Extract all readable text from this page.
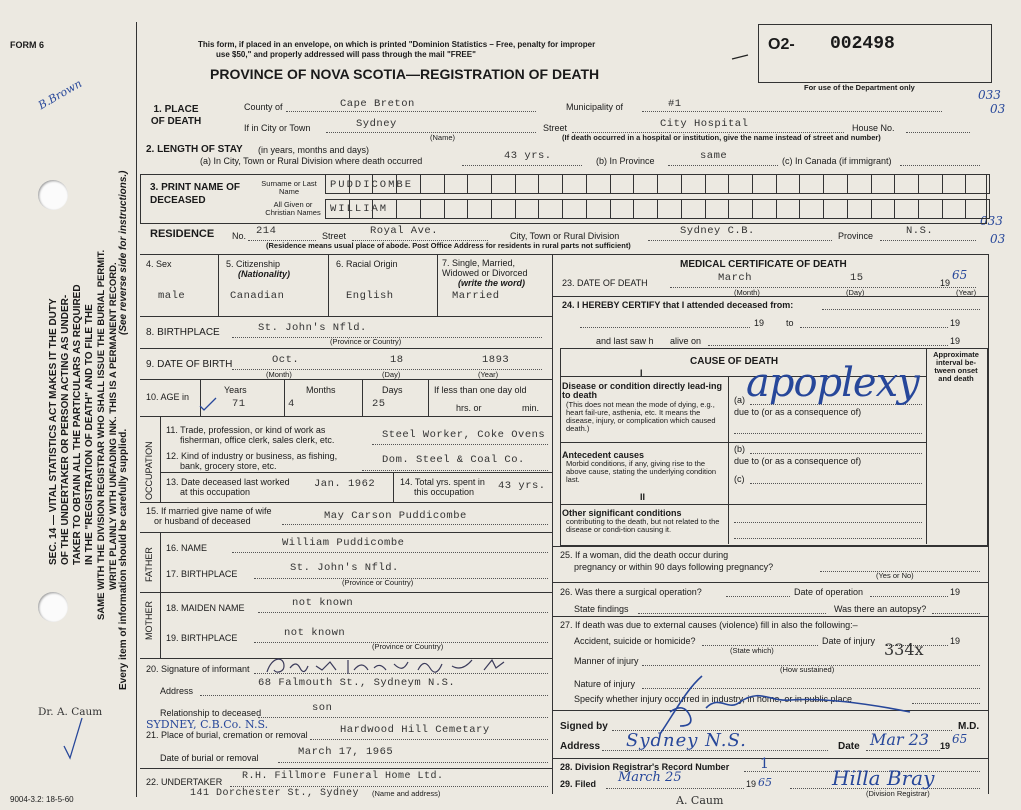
FORM 6	This form, if placed in an envelope, on which is printed "Dominion Statistics – Free, penalty for improper
use $50," and properly addressed will pass through the mail "FREE"
PROVINCE OF NOVA SCOTIA—REGISTRATION OF DEATH
O2- 002498
For use of the Department only
B.Brown	033
03
033
03
SEC. 14 — VITAL STATISTICS ACT MAKES IT THE DUTY OF THE UNDERTAKER OR PERSON ACTING AS UNDER- TAKER TO OBTAIN ALL THE PARTICULARS AS REQUIRED IN THE "REGISTRATION OF DEATH" AND TO FILE THE SAME WITH THE DIVISION REGISTRAR WHO SHALL ISSUE THE BURIAL PERMIT. WRITE PLAINLY WITH UNFADING INK. THIS IS A PERMANENT RECORD. Every item of information should be carefully supplied.
(See reverse side for instructions.)
1. PLACE OF DEATH
County of	Cape Breton	Municipality of	#1
If in City or Town	Sydney
(Name)
Street	City Hospital	House No.
(If death occurred in a hospital or institution, give the name instead of street and number)
2. LENGTH OF STAY (in years, months and days)
(a) In City, Town or Rural Division where death occurred	43 yrs.	(b) In Province	same	(c) In Canada (if immigrant)
3. PRINT NAME OF DECEASED
Surname or Last Name
PUDDICOMBE
All Given or Christian Names WILLIAM
RESIDENCE No. 214	Street Royal Ave.	City, Town or Rural Division	Sydney C.B.	Province	N.S.
(Residence means usual place of abode. Post Office Address for residents in rural parts not sufficient)
4. Sex
male
5. Citizenship
(Nationality)
Canadian
6. Racial Origin
English
7. Single, Married, Widowed or Divorced
(write the word)
Married
8. BIRTHPLACE	St. John's Nfld.
(Province or Country)
9. DATE OF BIRTH	Oct.	18	1893
(Month)	(Day)	(Year)
10. AGE in
Years
71
Months
4
Days
25
If less than one day old
hrs. or	min.
OCCUPATION
11. Trade, profession, or kind of work as
fisherman, office clerk, sales clerk, etc.	Steel Worker, Coke Ovens
12. Kind of industry or business, as fishing,
bank, grocery store, etc.	Dom. Steel & Coal Co.
13. Date deceased last worked
at this occupation
Jan. 1962	14. Total yrs. spent in
this occupation 43 yrs.
15. If married give name of wife
or husband of deceased	May Carson Puddicombe
FATHER
MOTHER
16. NAME	William Puddicombe
17. BIRTHPLACE	St. John's Nfld.
(Province or Country)
18. MAIDEN NAME	not known
19. BIRTHPLACE	not known
(Province or Country)
20. Signature of informant
Address
68 Falmouth St., Sydneym N.S.
Relationship to deceased	son
SYDNEY, C.B.Co. N.S.
21. Place of burial, cremation or removal	Hardwood Hill Cemetary
Date of burial or removal	March 17, 1965
22. UNDERTAKER R.H. Fillmore Funeral Home Ltd.
141 Dorchester St., Sydney (Name and address)
Dr. A. Caum
9004-3.2: 18-5-60
MEDICAL CERTIFICATE OF DEATH
23. DATE OF DEATH	March	15	19
65
(Month)	(Day)	(Year)
24. I HEREBY CERTIFY that I attended deceased from:
19 to	19
and last saw h alive on	19
CAUSE OF DEATH
Approximate interval be-tween onset and death
I
Disease or condition directly lead-ing to death
(This does not mean the mode of dying, e.g., heart fail-ure, asthenia, etc. It means the disease, injury, or complication which caused death.)
(a) apoplexy
due to (or as a consequence of)
(b)
Antecedent causes
Morbid conditions, if any, giving rise to the above cause, stating the underlying condition last.
due to (or as a consequence of)
(c)
II
Other significant conditions
contributing to the death, but not related to the disease or condi-tion causing it.
25. If a woman, did the death occur during
pregnancy or within 90 days following pregnancy?
(Yes or No)
26. Was there a surgical operation?	Date of operation	19
State findings	Was there an autopsy?
27. If death was due to external causes (violence) fill in also the following:–
Accident, suicide or homicide?	Date of injury	19
(State which)	334x
Manner of injury
(How sustained)
Nature of injury
Specify whether injury occurred in industry, in home, or in public place
Signed by	M.D.
Address Sydney N.S.	Date Mar 23 19 65
28. Division Registrar's Record Number 1
29. Filed March 25	19 65	Hilla Bray
(Division Registrar)
A. Caum
